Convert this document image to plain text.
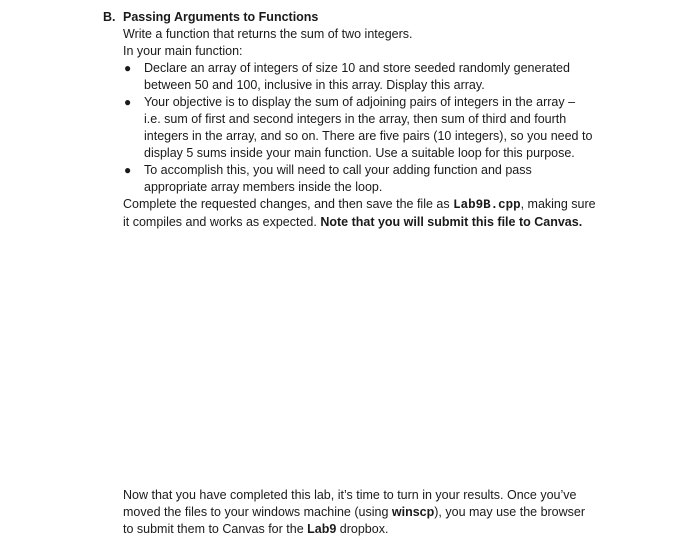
B. Passing Arguments to Functions
Write a function that returns the sum of two integers.
In your main function:
● Declare an array of integers of size 10 and store seeded randomly generated
between 50 and 100, inclusive in this array. Display this array.
● Your objective is to display the sum of adjoining pairs of integers in the array –
i.e. sum of first and second integers in the array, then sum of third and fourth
integers in the array, and so on. There are five pairs (10 integers), so you need to
display 5 sums inside your main function. Use a suitable loop for this purpose.
● To accomplish this, you will need to call your adding function and pass
appropriate array members inside the loop.
Complete the requested changes, and then save the file as Lab9B.cpp, making sure
it compiles and works as expected. Note that you will submit this file to Canvas.
Now that you have completed this lab, it’s time to turn in your results. Once you’ve
moved the files to your windows machine (using winscp), you may use the browser
to submit them to Canvas for the Lab9 dropbox.
